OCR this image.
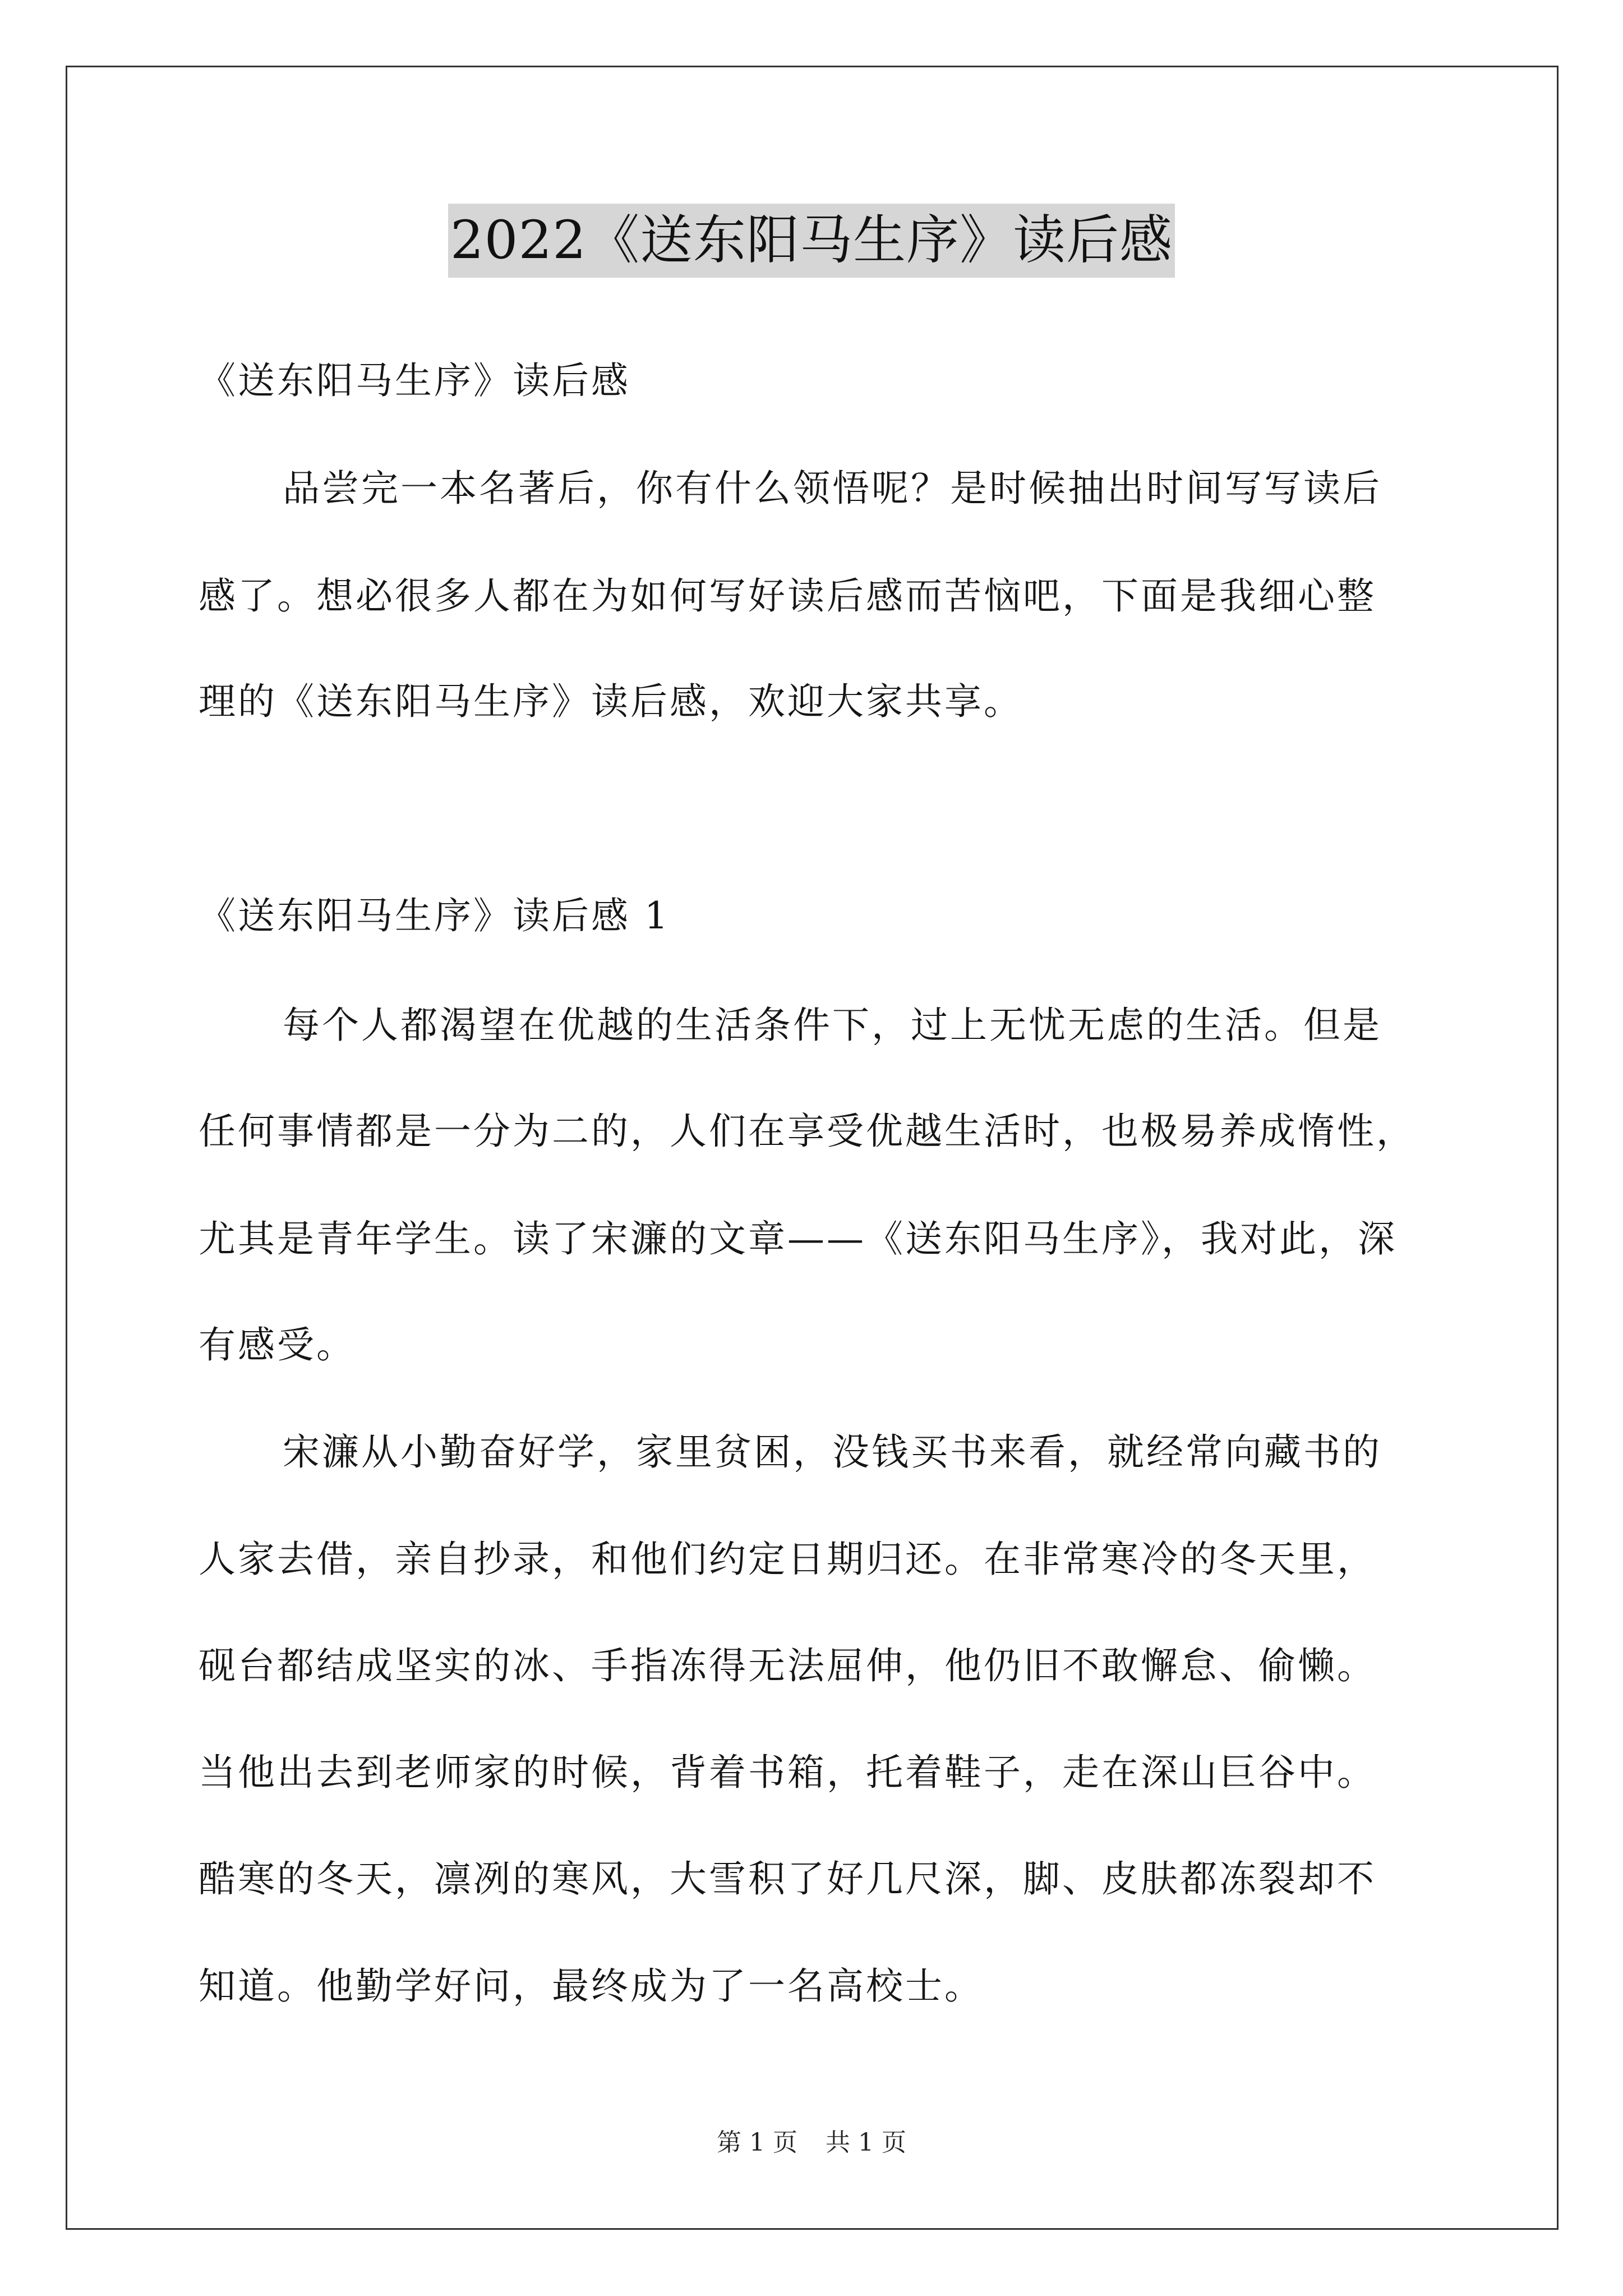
2022《送东阳马生序》读后感
《送东阳马生序》读后感
品尝完一本名著后，你有什么领悟呢？是时候抽出时间写写读后
感了。想必很多人都在为如何写好读后感而苦恼吧，下面是我细心整
理的《送东阳马生序》读后感，欢迎大家共享。
《送东阳马生序》读后感 1
每个人都渴望在优越的生活条件下，过上无忧无虑的生活。但是
任何事情都是一分为二的，人们在享受优越生活时，也极易养成惰性，
尤其是青年学生。读了宋濂的文章——《送东阳马生序》，我对此，深
有感受。
宋濂从小勤奋好学，家里贫困，没钱买书来看，就经常向藏书的
人家去借，亲自抄录，和他们约定日期归还。在非常寒冷的冬天里，
砚台都结成坚实的冰、手指冻得无法屈伸，他仍旧不敢懈怠、偷懒。
当他出去到老师家的时候，背着书箱，托着鞋子，走在深山巨谷中。
酷寒的冬天，凛冽的寒风，大雪积了好几尺深，脚、皮肤都冻裂却不
知道。他勤学好问，最终成为了一名高校士。
第 1 页 共 1 页
